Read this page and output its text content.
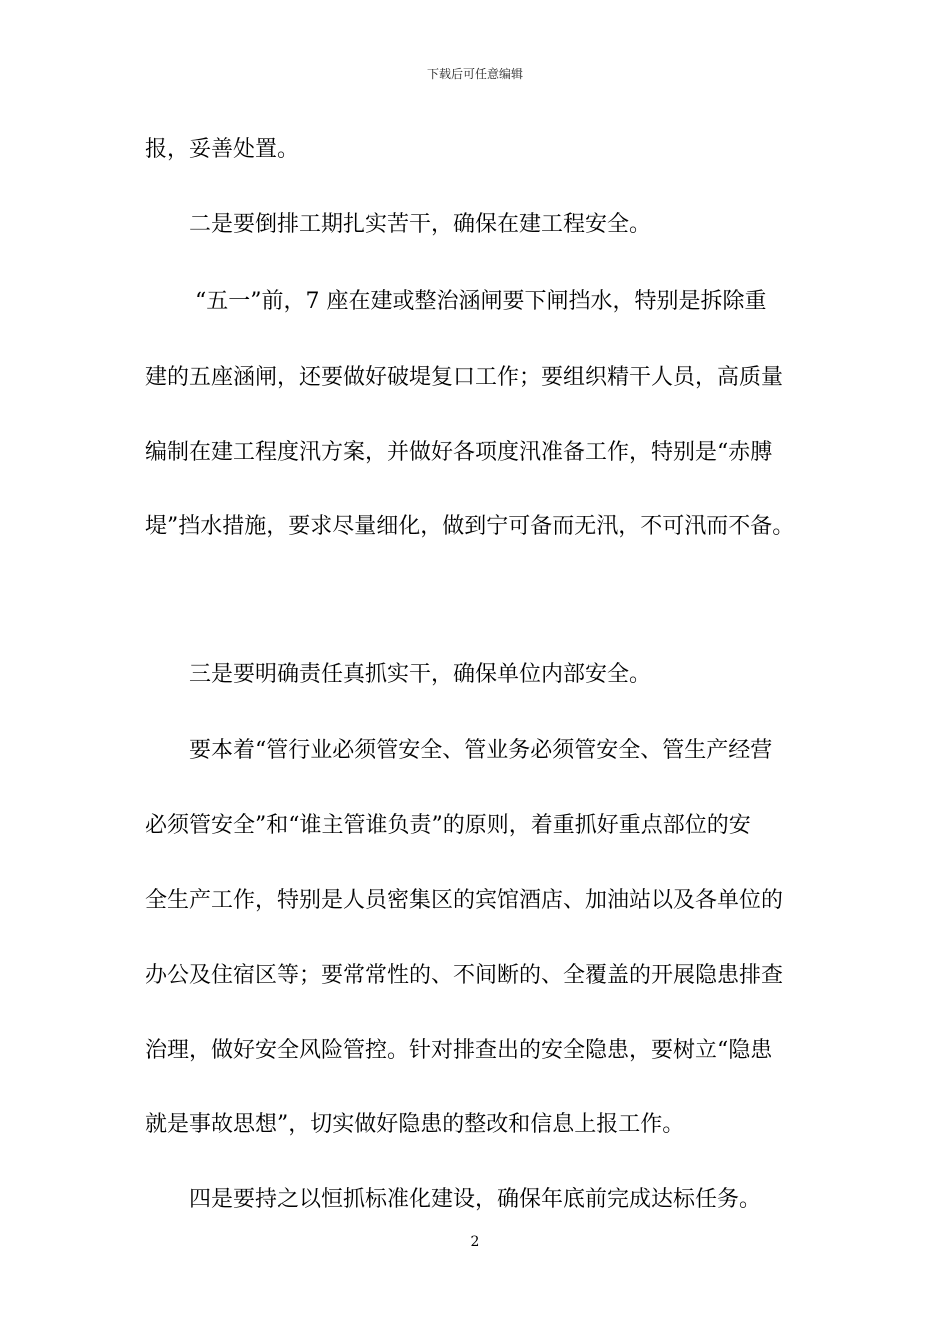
下载后可任意编辑
报，妥善处置。
二是要倒排工期扎实苦干，确保在建工程安全。
“五一”前，7 座在建或整治涵闸要下闸挡水，特别是拆除重
建的五座涵闸，还要做好破堤复口工作；要组织精干人员，高质量
编制在建工程度汛方案，并做好各项度汛准备工作，特别是“赤膊
堤”挡水措施，要求尽量细化，做到宁可备而无汛，不可汛而不备。
三是要明确责任真抓实干，确保单位内部安全。
要本着“管行业必须管安全、管业务必须管安全、管生产经营
必须管安全”和“谁主管谁负责”的原则，着重抓好重点部位的安
全生产工作，特别是人员密集区的宾馆酒店、加油站以及各单位的
办公及住宿区等；要常常性的、不间断的、全覆盖的开展隐患排查
治理，做好安全风险管控。针对排查出的安全隐患，要树立“隐患
就是事故思想”，切实做好隐患的整改和信息上报工作。
四是要持之以恒抓标准化建设，确保年底前完成达标任务。
2
